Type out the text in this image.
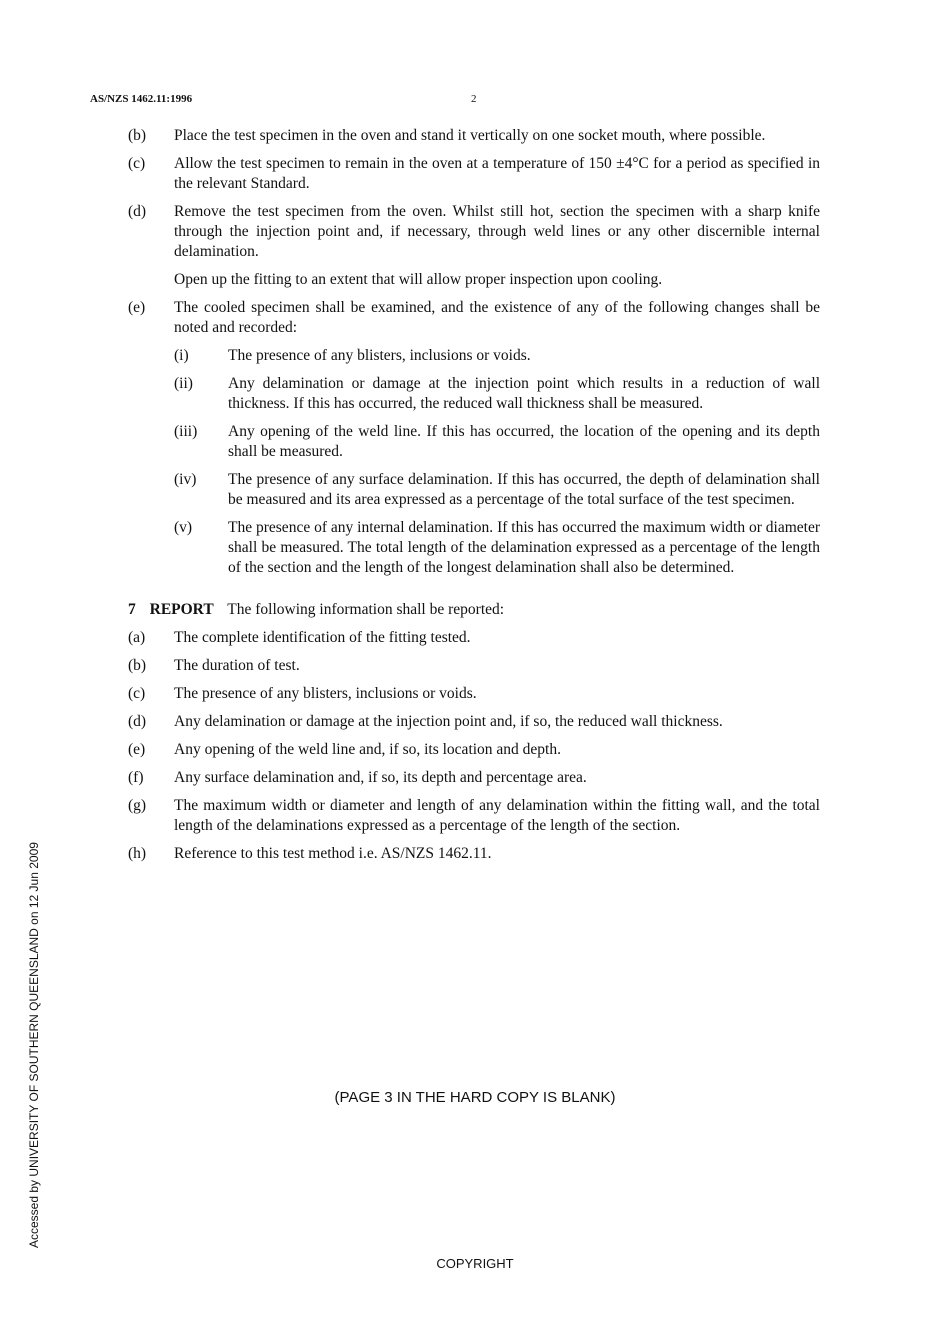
AS/NZS 1462.11:1996	2
(b) Place the test specimen in the oven and stand it vertically on one socket mouth, where possible.
(c) Allow the test specimen to remain in the oven at a temperature of 150 ±4°C for a period as specified in the relevant Standard.
(d) Remove the test specimen from the oven. Whilst still hot, section the specimen with a sharp knife through the injection point and, if necessary, through weld lines or any other discernible internal delamination.
Open up the fitting to an extent that will allow proper inspection upon cooling.
(e) The cooled specimen shall be examined, and the existence of any of the following changes shall be noted and recorded:
(i)	The presence of any blisters, inclusions or voids.
(ii) Any delamination or damage at the injection point which results in a reduction of wall thickness. If this has occurred, the reduced wall thickness shall be measured.
(iii) Any opening of the weld line. If this has occurred, the location of the opening and its depth shall be measured.
(iv) The presence of any surface delamination. If this has occurred, the depth of delamination shall be measured and its area expressed as a percentage of the total surface of the test specimen.
(v) The presence of any internal delamination. If this has occurred the maximum width or diameter shall be measured. The total length of the delamination expressed as a percentage of the length of the section and the length of the longest delamination shall also be determined.
7 REPORT The following information shall be reported:
(a) The complete identification of the fitting tested.
(b) The duration of test.
(c) The presence of any blisters, inclusions or voids.
(d) Any delamination or damage at the injection point and, if so, the reduced wall thickness.
(e) Any opening of the weld line and, if so, its location and depth.
(f) Any surface delamination and, if so, its depth and percentage area.
(g) The maximum width or diameter and length of any delamination within the fitting wall, and the total length of the delaminations expressed as a percentage of the length of the section.
(h) Reference to this test method i.e. AS/NZS 1462.11.
(PAGE 3 IN THE HARD COPY IS BLANK)
COPYRIGHT
Accessed by UNIVERSITY OF SOUTHERN QUEENSLAND on 12 Jun 2009
